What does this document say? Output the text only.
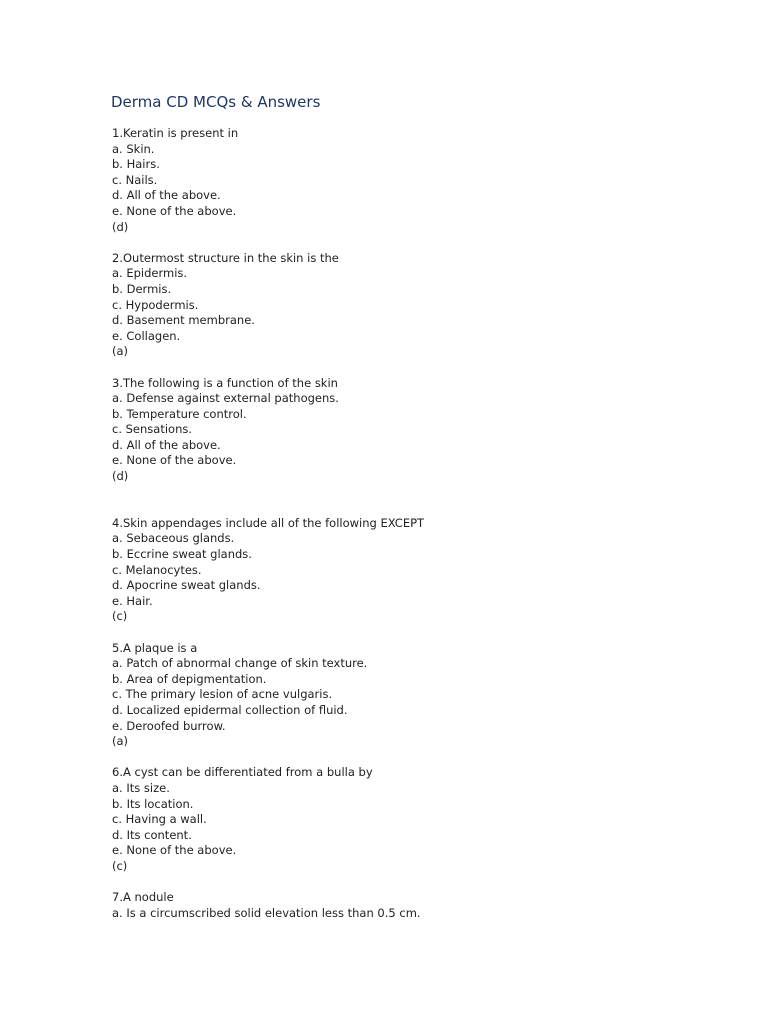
Derma CD MCQs & Answers
1.Keratin is present in
a. Skin.
b. Hairs.
c. Nails.
d. All of the above.
e. None of the above.
(d)
2.Outermost structure in the skin is the
a. Epidermis.
b. Dermis.
c. Hypodermis.
d. Basement membrane.
e. Collagen.
(a)
3.The following is a function of the skin
a. Defense against external pathogens.
b. Temperature control.
c. Sensations.
d. All of the above.
e. None of the above.
(d)
4.Skin appendages include all of the following EXCEPT
a. Sebaceous glands.
b. Eccrine sweat glands.
c. Melanocytes.
d. Apocrine sweat glands.
e. Hair.
(c)
5.A plaque is a
a. Patch of abnormal change of skin texture.
b. Area of depigmentation.
c. The primary lesion of acne vulgaris.
d. Localized epidermal collection of fluid.
e. Deroofed burrow.
(a)
6.A cyst can be differentiated from a bulla by
a. Its size.
b. Its location.
c. Having a wall.
d. Its content.
e. None of the above.
(c)
7.A nodule
a. Is a circumscribed solid elevation less than 0.5 cm.
